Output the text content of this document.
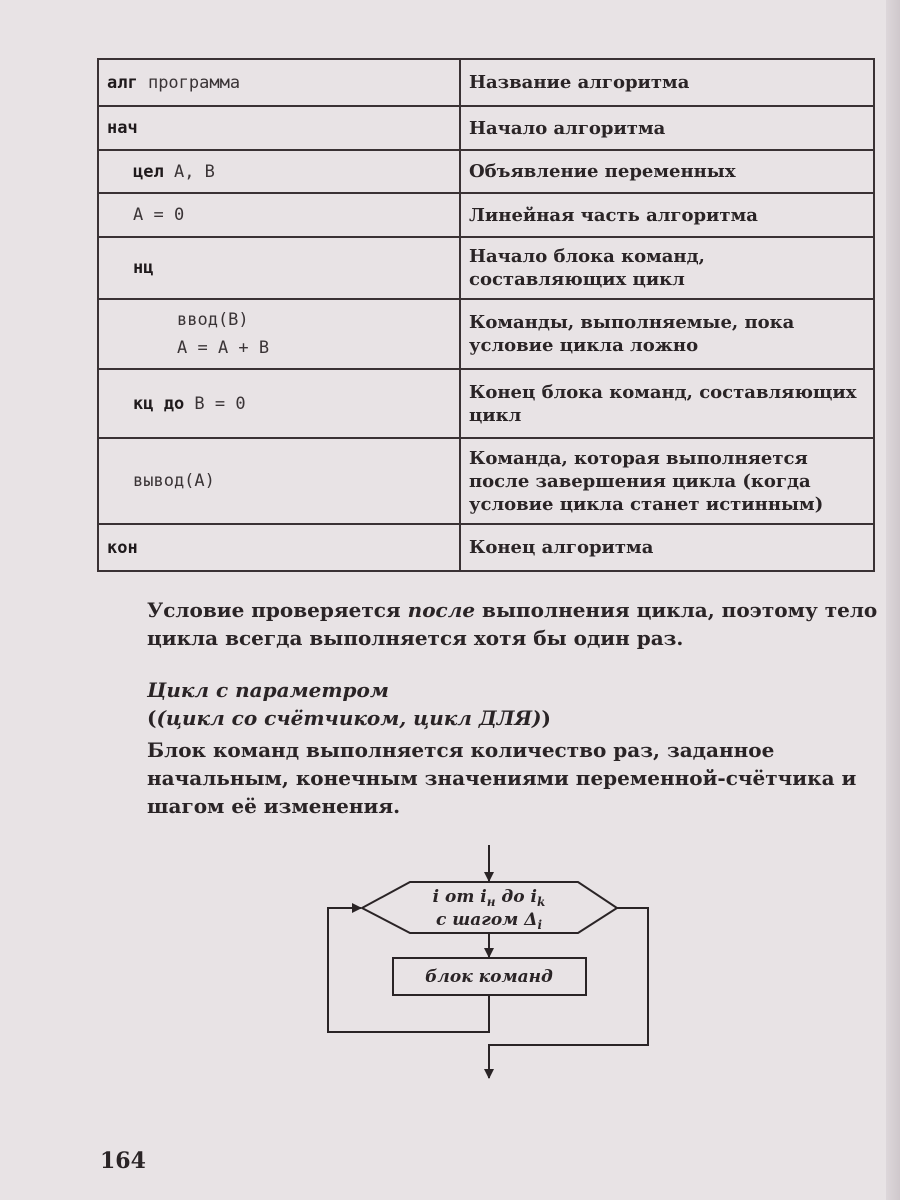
алг программа	Название алгоритма

нач	Начало алгоритма

цел A, B	Объявление переменных

A = 0	Линейная часть алгоритма

нц	Начало блока команд, составляющих цикл

ввод(B)
A = A + B	Команды, выполняемые, пока условие цикла ложно

кц до B = 0	Конец блока команд, составляющих цикл

вывод(A)	Команда, которая выполняется после завершения цикла (когда условие цикла станет истинным)

кон	Конец алгоритма
Условие проверяется после выполнения цикла, поэтому тело цикла всегда выполняется хотя бы один раз.
Цикл с параметром
((цикл со счётчиком, цикл ДЛЯ))
Блок команд выполняется количество раз, заданное начальным, конечным значениями переменной-счётчика и шагом её изменения.
i от $i_н$ до $i_k$
с шагом $\Delta_i$
блок команд
164
